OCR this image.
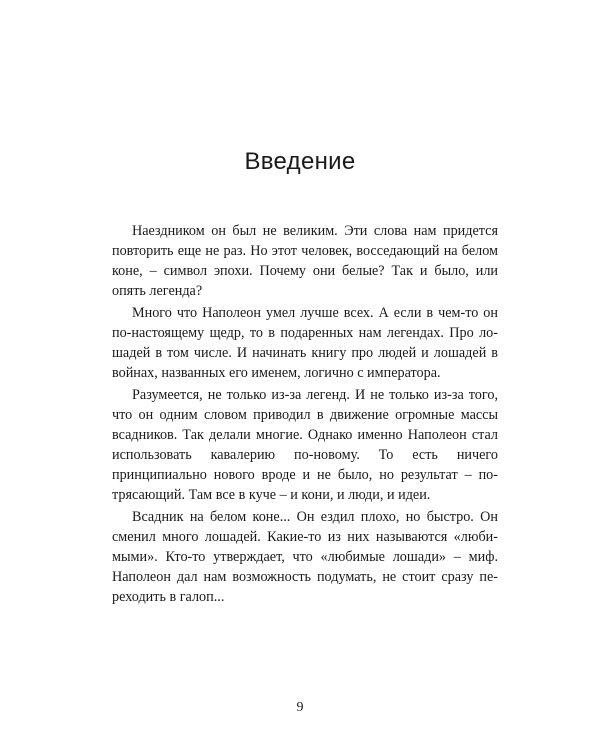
Введение

Наездником он был не великим. Эти слова нам придется повторить еще не раз. Но этот человек, восседающий на белом коне, – символ эпохи. Почему они белые? Так и было, или опять легенда?

Много что Наполеон умел лучше всех. А если в чем-то он по-настоящему щедр, то в подаренных нам легендах. Про лошадей в том числе. И начинать книгу про людей и лошадей в войнах, названных его именем, логично с императора.

Разумеется, не только из-за легенд. И не только из-за того, что он одним словом приводил в движение огромные массы всадников. Так делали многие. Однако именно Наполеон стал использовать кавалерию по-новому. То есть ничего принципиально нового вроде и не было, но результат – потрясающий. Там все в куче – и кони, и люди, и идеи.

Всадник на белом коне... Он ездил плохо, но быстро. Он сменил много лошадей. Какие-то из них называются «любимыми». Кто-то утверждает, что «любимые лошади» – миф. Наполеон дал нам возможность подумать, не стоит сразу переходить в галоп...

9
